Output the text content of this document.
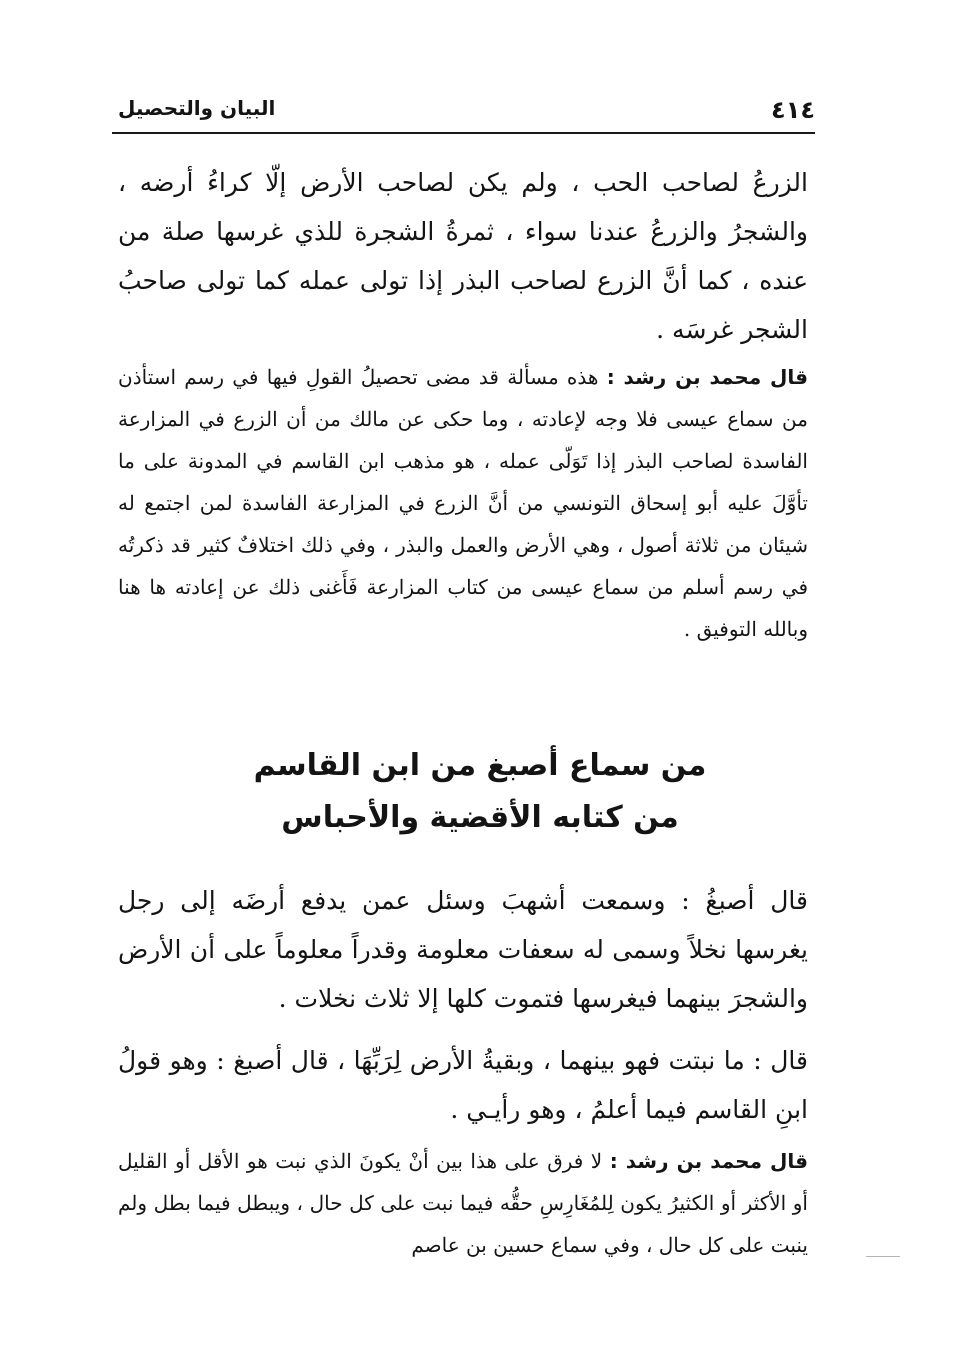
٤١٤
البيان والتحصيل
الزرعُ لصاحب الحب ، ولم يكن لصاحب الأرض إلّا كراءُ أرضه ، والشجرُ والزرعُ عندنا سواء ، ثمرةُ الشجرة للذي غرسها صلة من عنده ، كما أنَّ الزرع لصاحب البذر إذا تولى عمله كما تولى صاحبُ الشجر غرسَه .
قال محمد بن رشد : هذه مسألة قد مضى تحصيلُ القولِ فيها في رسم استأذن من سماع عيسى فلا وجه لإعادته ، وما حكى عن مالك من أن الزرع في المزارعة الفاسدة لصاحب البذر إذا تَوَلّى عمله ، هو مذهب ابن القاسم في المدونة على ما تأوَّلَ عليه أبو إسحاق التونسي من أنَّ الزرع في المزارعة الفاسدة لمن اجتمع له شيئان من ثلاثة أصول ، وهي الأرض والعمل والبذر ، وفي ذلك اختلافٌ كثير قد ذكرتُه في رسم أسلم من سماع عيسى من كتاب المزارعة فَأَغنى ذلك عن إعادته ها هنا وبالله التوفيق .
من سماع أصبغ من ابن القاسم
من كتابه الأقضية والأحباس
قال أصبغُ : وسمعت أشهبَ وسئل عمن يدفع أرضَه إلى رجل يغرسها نخلاً وسمى له سعفات معلومة وقدراً معلوماً على أن الأرض والشجرَ بينهما فيغرسها فتموت كلها إلا ثلاث نخلات .
قال : ما نبتت فهو بينهما ، وبقيةُ الأرض لِرَبِّهَا ، قال أصبغ : وهو قولُ ابنِ القاسم فيما أعلمُ ، وهو رأيـي .
قال محمد بن رشد : لا فرق على هذا بين أنْ يكونَ الذي نبت هو الأقل أو القليل أو الأكثر أو الكثيرُ يكون لِلمُغَارِسِ حقُّه فيما نبت على كل حال ، ويبطل فيما بطل ولم ينبت على كل حال ، وفي سماع حسين بن عاصم
